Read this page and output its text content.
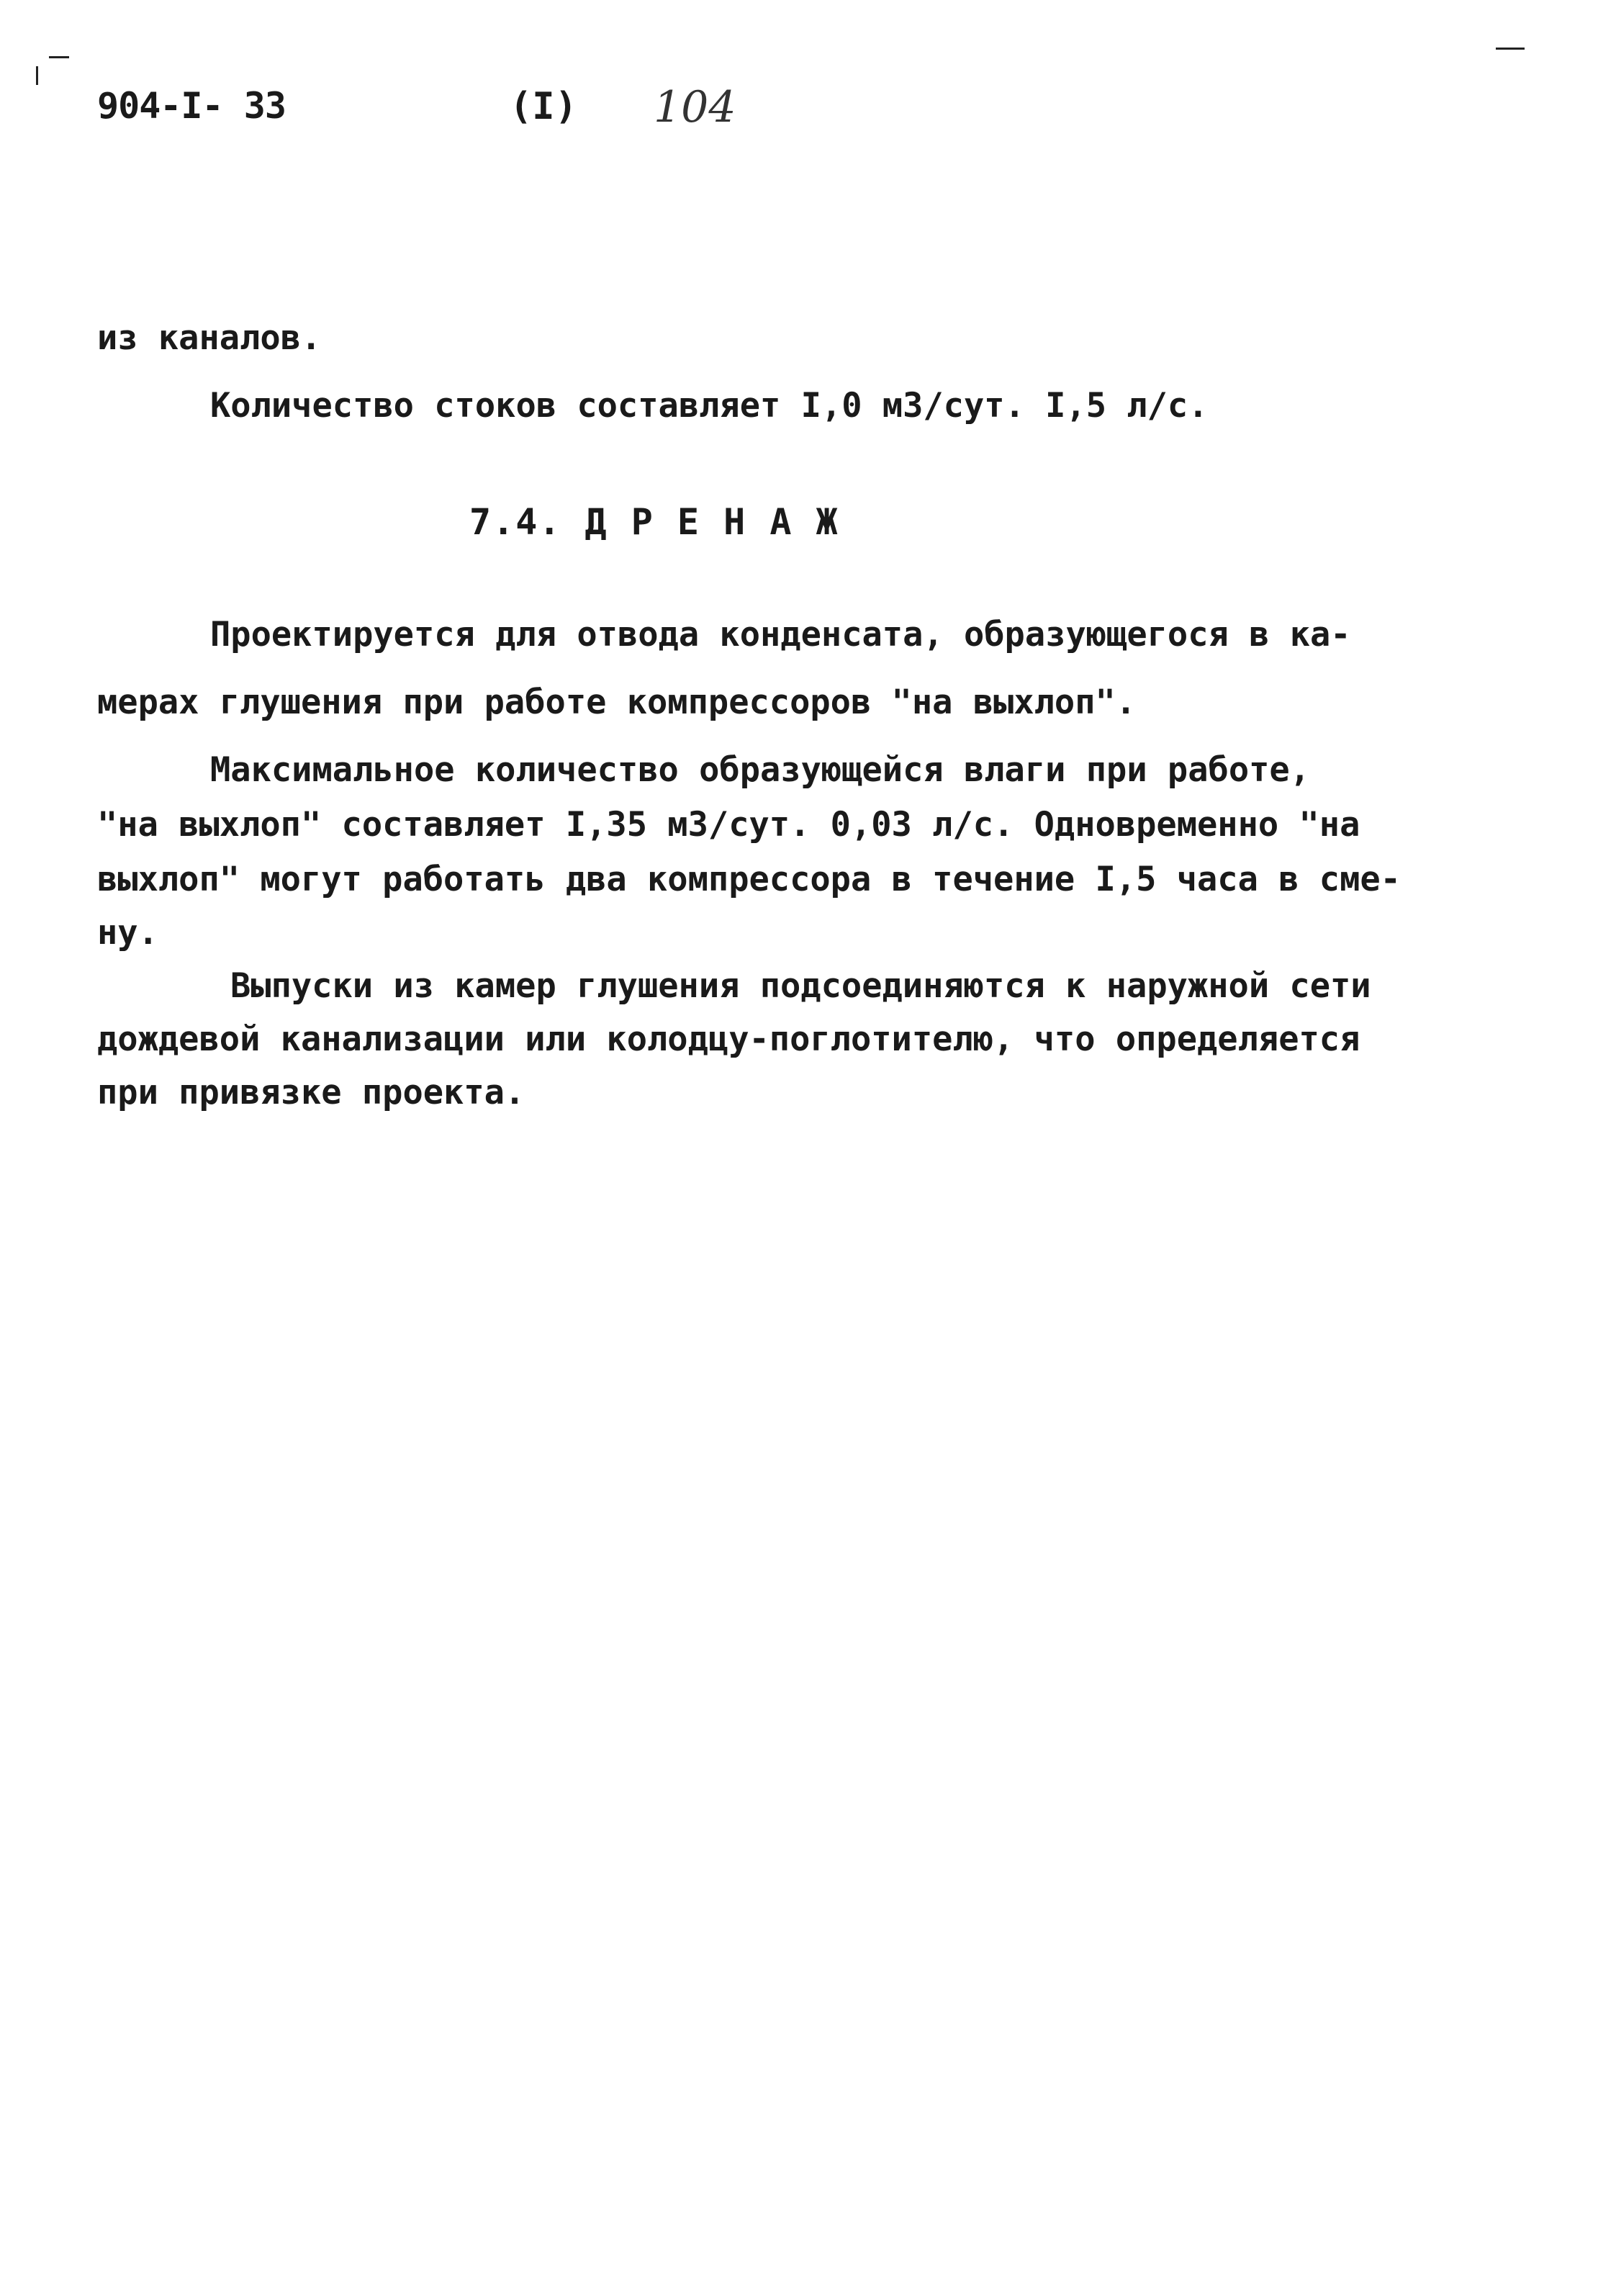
904-I- 33	(I) 104
из каналов.
Количество стоков составляет I,0 м3/сут. I,5 л/с.
7.4. Д Р Е Н А Ж
Проектируется для отвода конденсата, образующегося в ка-
мерах глушения при работе компрессоров "на выхлоп".
Максимальное количество образующейся влаги при работе,
"на выхлоп" составляет I,35 м3/сут. 0,03 л/с. Одновременно "на
выхлоп" могут работать два компрессора в течение I,5 часа в сме-
ну.
Выпуски из камер глушения подсоединяются к наружной сети
дождевой канализации или колодцу-поглотителю, что определяется
при привязке проекта.
